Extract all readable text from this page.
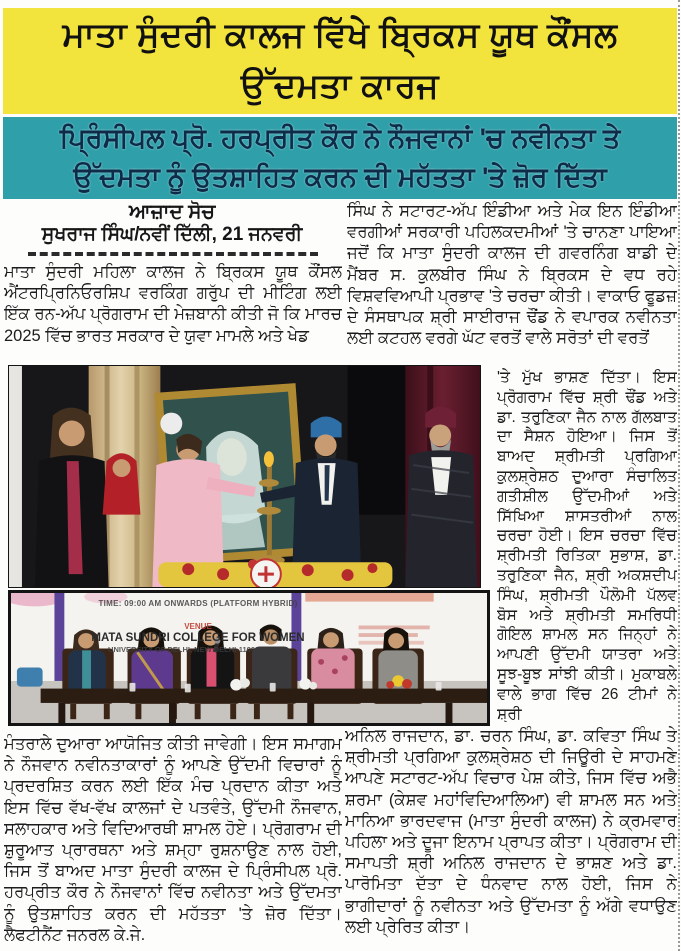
ਮਾਤਾ ਸੁੰਦਰੀ ਕਾਲਜ ਵਿੱਖੇ ਬ੍ਰਿਕਸ ਯੂਥ ਕੌਂਸਲ ਉੱਦਮਤਾ ਕਾਰਜ
ਪ੍ਰਿੰਸੀਪਲ ਪ੍ਰੋ. ਹਰਪ੍ਰੀਤ ਕੌਰ ਨੇ ਨੌਜਵਾਨਾਂ 'ਚ ਨਵੀਨਤਾ ਤੇ
ਉੱਦਮਤਾ ਨੂੰ ਉਤਸ਼ਾਹਿਤ ਕਰਨ ਦੀ ਮਹੱਤਤਾ 'ਤੇ ਜ਼ੋਰ ਦਿੱਤਾ
ਆਜ਼ਾਦ ਸੋਚ
ਸੁਖਰਾਜ ਸਿੰਘ/ਨਵੀਂ ਦਿੱਲੀ, 21 ਜਨਵਰੀ
ਮਾਤਾ ਸੁੰਦਰੀ ਮਹਿਲਾ ਕਾਲਜ ਨੇ ਬ੍ਰਿਕਸ ਯੂਥ ਕੌਂਸਲ ਐਂਟਰਪ੍ਰਿਨਿਓਰਸ਼ਿਪ ਵਰਕਿੰਗ ਗਰੁੱਪ ਦੀ ਮੀਟਿੰਗ ਲਈ ਇੱਕ ਰਨ-ਅੱਪ ਪ੍ਰੋਗਰਾਮ ਦੀ ਮੇਜ਼ਬਾਨੀ ਕੀਤੀ ਜੋ ਕਿ ਮਾਰਚ 2025 ਵਿੱਚ ਭਾਰਤ ਸਰਕਾਰ ਦੇ ਯੁਵਾ ਮਾਮਲੇ ਅਤੇ ਖੇਡ
ਸਿੰਘ ਨੇ ਸਟਾਰਟ-ਅੱਪ ਇੰਡੀਆ ਅਤੇ ਮੇਕ ਇਨ ਇੰਡੀਆ ਵਰਗੀਆਂ ਸਰਕਾਰੀ ਪਹਿਲਕਦਮੀਆਂ 'ਤੇ ਚਾਨਣਾ ਪਾਇਆ ਜਦੋਂ ਕਿ ਮਾਤਾ ਸੁੰਦਰੀ ਕਾਲਜ ਦੀ ਗਵਰਨਿੰਗ ਬਾਡੀ ਦੇ ਮੈਂਬਰ ਸ. ਕੁਲਬੀਰ ਸਿੰਘ ਨੇ ਬ੍ਰਿਕਸ ਦੇ ਵਧ ਰਹੇ ਵਿਸ਼ਵਵਿਆਪੀ ਪ੍ਰਭਾਵ 'ਤੇ ਚਰਚਾ ਕੀਤੀ। ਵਾਕਾਓ ਫੂਡਜ਼ ਦੇ ਸੰਸਥਾਪਕ ਸ਼੍ਰੀ ਸਾਈਰਾਜ ਢੌਂਡ ਨੇ ਵਪਾਰਕ ਨਵੀਨਤਾ ਲਈ ਕਟਹਲ ਵਰਗੇ ਘੱਟ ਵਰਤੋਂ ਵਾਲੇ ਸਰੋਤਾਂ ਦੀ ਵਰਤੋਂ
'ਤੇ ਮੁੱਖ ਭਾਸ਼ਣ ਦਿੱਤਾ। ਇਸ ਪ੍ਰੋਗਰਾਮ ਵਿੱਚ ਸ਼੍ਰੀ ਢੌਂਡ ਅਤੇ ਡਾ. ਤਰੁਣਿਕਾ ਜੈਨ ਨਾਲ ਗੱਲਬਾਤ ਦਾ ਸੈਸ਼ਨ ਹੋਇਆ। ਜਿਸ ਤੋਂ ਬਾਅਦ ਸ਼੍ਰੀਮਤੀ ਪ੍ਰਗਿਆ ਕੁਲਸ਼੍ਰੇਸ਼ਠ ਦੁਆਰਾ ਸੰਚਾਲਿਤ ਗਤੀਸ਼ੀਲ ਉੱਦਮੀਆਂ ਅਤੇ ਸਿੱਖਿਆ ਸ਼ਾਸਤਰੀਆਂ ਨਾਲ ਚਰਚਾ ਹੋਈ। ਇਸ ਚਰਚਾ ਵਿੱਚ ਸ਼੍ਰੀਮਤੀ ਰਿਤਿਕਾ ਸੁਭਾਸ਼, ਡਾ. ਤਰੁਣਿਕਾ ਜੈਨ, ਸ਼੍ਰੀ ਅਕਸ਼ਦੀਪ ਸਿੰਘ, ਸ਼੍ਰੀਮਤੀ ਪੌਲੋਮੀ ਪੱਲਵ ਬੋਸ ਅਤੇ ਸ਼੍ਰੀਮਤੀ ਸਮਰਿਧੀ ਗੋਇਲ ਸ਼ਾਮਲ ਸਨ ਜਿਨ੍ਹਾਂ ਨੇ ਆਪਣੀ ਉੱਦਮੀ ਯਾਤਰਾ ਅਤੇ ਸੂਝ-ਬੂਝ ਸਾਂਝੀ ਕੀਤੀ। ਮੁਕਾਬਲੇ ਵਾਲੇ ਭਾਗ ਵਿੱਚ 26 ਟੀਮਾਂ ਨੇ ਸ਼੍ਰੀ
ਅਨਿਲ ਰਾਜਦਾਨ, ਡਾ. ਚਰਨ ਸਿੰਘ, ਡਾ. ਕਵਿਤਾ ਸਿੰਘ ਤੇ ਸ਼੍ਰੀਮਤੀ ਪ੍ਰਗਿਆ ਕੁਲਸ਼੍ਰੇਸ਼ਠ ਦੀ ਜਿਊਰੀ ਦੇ ਸਾਹਮਣੇ ਆਪਣੇ ਸਟਾਰਟ-ਅੱਪ ਵਿਚਾਰ ਪੇਸ਼ ਕੀਤੇ, ਜਿਸ ਵਿੱਚ ਅਭੈ ਸ਼ਰਮਾ (ਕੇਸ਼ਵ ਮਹਾਂਵਿਦਿਆਲਿਆ) ਵੀ ਸ਼ਾਮਲ ਸਨ ਅਤੇ ਮਾਨਿਆ ਭਾਰਦਵਾਜ (ਮਾਤਾ ਸੁੰਦਰੀ ਕਾਲਜ) ਨੇ ਕ੍ਰਮਵਾਰ ਪਹਿਲਾ ਅਤੇ ਦੂਜਾ ਇਨਾਮ ਪ੍ਰਾਪਤ ਕੀਤਾ। ਪ੍ਰੋਗਰਾਮ ਦੀ ਸਮਾਪਤੀ ਸ਼੍ਰੀ ਅਨਿਲ ਰਾਜਦਾਨ ਦੇ ਭਾਸ਼ਣ ਅਤੇ ਡਾ. ਪਾਰੋਮਿਤਾ ਦੱਤਾ ਦੇ ਧੰਨਵਾਦ ਨਾਲ ਹੋਈ, ਜਿਸ ਨੇ ਭਾਗੀਦਾਰਾਂ ਨੂੰ ਨਵੀਨਤਾ ਅਤੇ ਉੱਦਮਤਾ ਨੂੰ ਅੱਗੇ ਵਧਾਉਣ ਲਈ ਪ੍ਰੇਰਿਤ ਕੀਤਾ।
ਮੰਤਰਾਲੇ ਦੁਆਰਾ ਆਯੋਜਿਤ ਕੀਤੀ ਜਾਵੇਗੀ। ਇਸ ਸਮਾਗਮ ਨੇ ਨੌਜਵਾਨ ਨਵੀਨਤਾਕਾਰਾਂ ਨੂੰ ਆਪਣੇ ਉੱਦਮੀ ਵਿਚਾਰਾਂ ਨੂੰ ਪ੍ਰਦਰਸ਼ਿਤ ਕਰਨ ਲਈ ਇੱਕ ਮੰਚ ਪ੍ਰਦਾਨ ਕੀਤਾ ਅਤੇ ਇਸ ਵਿੱਚ ਵੱਖ-ਵੱਖ ਕਾਲਜਾਂ ਦੇ ਪਤਵੰਤੇ, ਉੱਦਮੀ ਨੌਜਵਾਨ, ਸਲਾਹਕਾਰ ਅਤੇ ਵਿਦਿਆਰਥੀ ਸ਼ਾਮਲ ਹੋਏ। ਪ੍ਰੋਗਰਾਮ ਦੀ ਸ਼ੁਰੂਆਤ ਪ੍ਰਾਰਥਨਾ ਅਤੇ ਸ਼ਮ੍ਹਾ ਰੁਸ਼ਨਾਉਣ ਨਾਲ ਹੋਈ, ਜਿਸ ਤੋਂ ਬਾਅਦ ਮਾਤਾ ਸੁੰਦਰੀ ਕਾਲਜ ਦੇ ਪ੍ਰਿੰਸੀਪਲ ਪ੍ਰੋ. ਹਰਪ੍ਰੀਤ ਕੌਰ ਨੇ ਨੌਜਵਾਨਾਂ ਵਿੱਚ ਨਵੀਨਤਾ ਅਤੇ ਉੱਦਮਤਾ ਨੂੰ ਉਤਸ਼ਾਹਿਤ ਕਰਨ ਦੀ ਮਹੱਤਤਾ 'ਤੇ ਜ਼ੋਰ ਦਿੱਤਾ। ਲੈਫਟੀਨੈਂਟ ਜਨਰਲ ਕੇ.ਜੇ.
TIME: 09:00 AM ONWARDS (PLATFORM HYBRID)
VENUE
MATA SUNDRI COLLEGE FOR WOMEN
UNIVERSITY OF DELHI, NEW DELHI-110002, INDIA
